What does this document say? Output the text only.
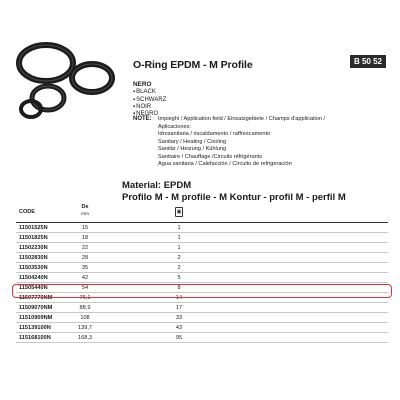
O-Ring EPDM - M Profile	B 50 52
NERO
▪ BLACK
▪ SCHWARZ
▪ NOIR
▪ NEGRO
NOTE: Impieghi / Application field / Einsatzgebiete / Champs d'application /
Aplicaciones:
Idrosanitaria / riscaldamento / raffrescamento
Sanitary / Heating / Cooling
Sanitär / Heizung / Kühlung
Sanitaire / Chauffage /Circuits réfrigérants
Agua sanitaria / Calefacción / Circuito de refrigeración
Material: EPDM
Profilo M - M profile - M Kontur - profil M - perfil M
CODE
De
mm	▣
11501525N	15	1
11501825N	18	1
11502230N	22	1
11502830N	28	2
11503530N	35	2
11504240N	42	5
11505440N	54	8
11507770NM	76,1	14
11509070NM	88,9	17
11510909NM	108	33
115139100N	139,7	43
115168100N	168,3	95
